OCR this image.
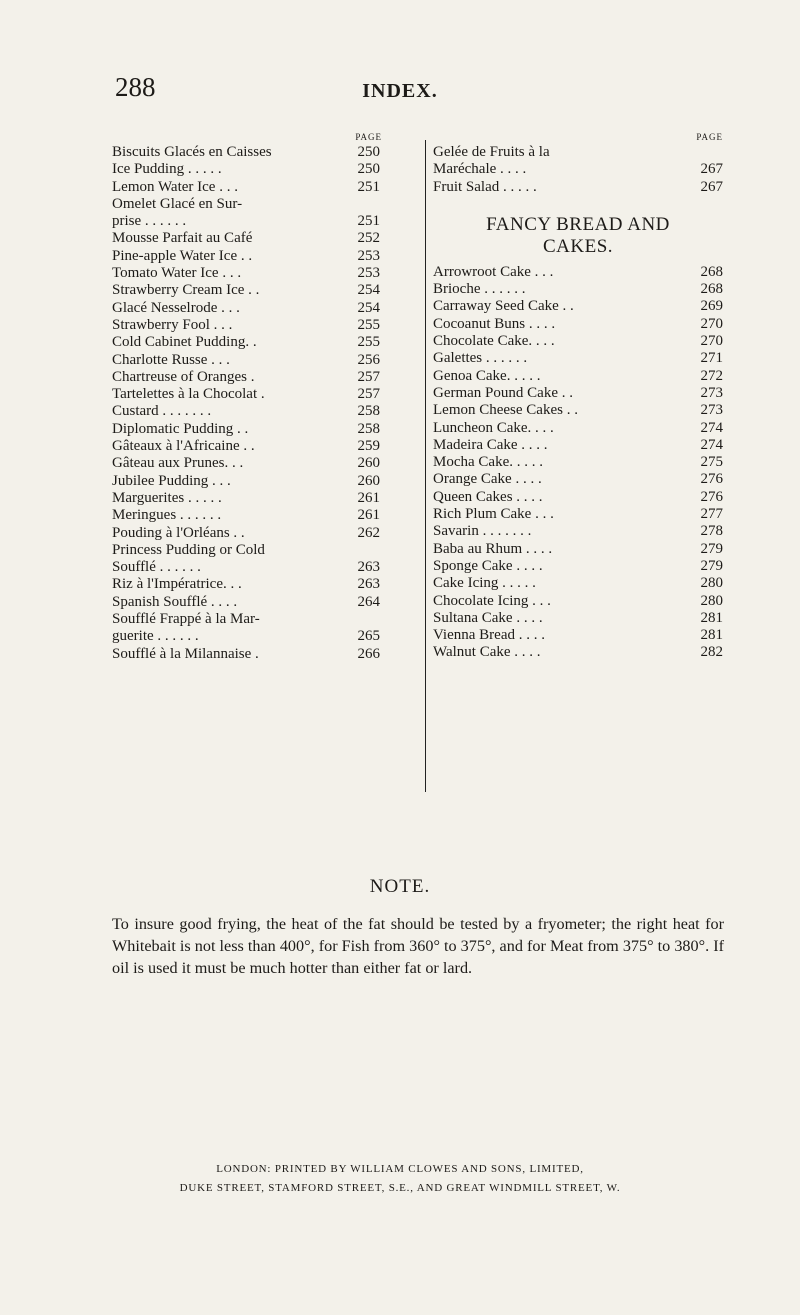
288	INDEX.
PAGE
Biscuits Glacés en Caisses	250
Ice Pudding . . . . .	250
Lemon Water Ice . . .	251
Omelet Glacé en Sur-
prise . . . . . .	251
Mousse Parfait au Café	252
Pine-apple Water Ice . .	253
Tomato Water Ice . . .	253
Strawberry Cream Ice . .	254
Glacé Nesselrode . . .	254
Strawberry Fool . . .	255
Cold Cabinet Pudding. .	255
Charlotte Russe . . .	256
Chartreuse of Oranges .	257
Tartelettes à la Chocolat .	257
Custard . . . . . . .	258
Diplomatic Pudding . .	258
Gâteaux à l'Africaine . .	259
Gâteau aux Prunes. . .	260
Jubilee Pudding . . .	260
Marguerites . . . . .	261
Meringues . . . . . .	261
Pouding à l'Orléans . .	262
Princess Pudding or Cold
Soufflé . . . . . .	263
Riz à l'Impératrice. . .	263
Spanish Soufflé . . . .	264
Soufflé Frappé à la Mar-
guerite . . . . . .	265
Soufflé à la Milannaise .	266
PAGE
Gelée de Fruits à la
Maréchale . . . .	267
Fruit Salad . . . . .	267
FANCY BREAD AND
CAKES.
Arrowroot Cake . . .	268
Brioche . . . . . .	268
Carraway Seed Cake . .	269
Cocoanut Buns . . . .	270
Chocolate Cake. . . .	270
Galettes . . . . . .	271
Genoa Cake. . . . .	272
German Pound Cake . .	273
Lemon Cheese Cakes . .	273
Luncheon Cake. . . .	274
Madeira Cake . . . .	274
Mocha Cake. . . . .	275
Orange Cake . . . .	276
Queen Cakes . . . .	276
Rich Plum Cake . . .	277
Savarin . . . . . . .	278
Baba au Rhum . . . .	279
Sponge Cake . . . .	279
Cake Icing . . . . .	280
Chocolate Icing . . .	280
Sultana Cake . . . .	281
Vienna Bread . . . .	281
Walnut Cake . . . .	282
NOTE.
To insure good frying, the heat of the fat should be tested by a fryometer; the right heat for Whitebait is not less than 400°, for Fish from 360° to 375°, and for Meat from 375° to 380°. If oil is used it must be much hotter than either fat or lard.
LONDON: PRINTED BY WILLIAM CLOWES AND SONS, LIMITED,
DUKE STREET, STAMFORD STREET, S.E., AND GREAT WINDMILL STREET, W.
